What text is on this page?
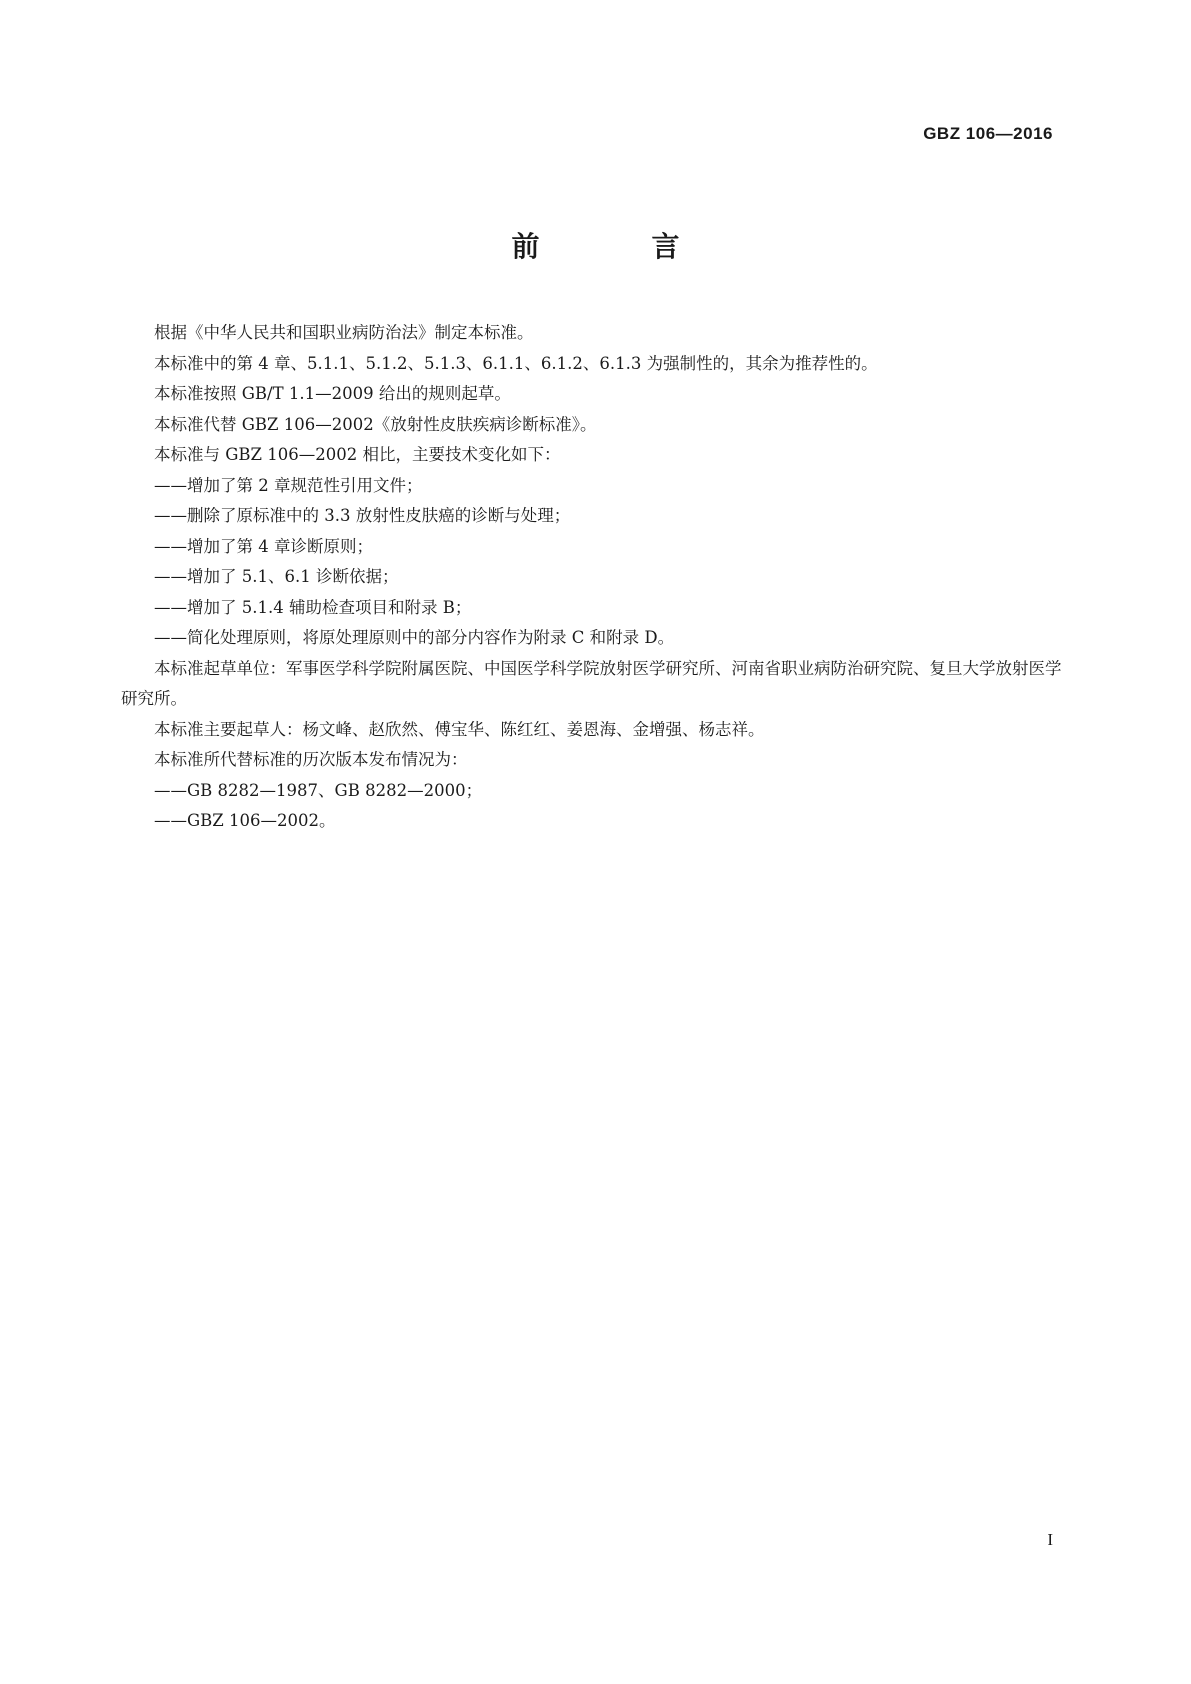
GBZ 106—2016
前　言

根据《中华人民共和国职业病防治法》制定本标准。

本标准中的第 4 章、5.1.1、5.1.2、5.1.3、6.1.1、6.1.2、6.1.3 为强制性的，其余为推荐性的。

本标准按照 GB/T 1.1—2009 给出的规则起草。

本标准代替 GBZ 106—2002《放射性皮肤疾病诊断标准》。

本标准与 GBZ 106—2002 相比，主要技术变化如下：

——增加了第 2 章规范性引用文件；

——删除了原标准中的 3.3 放射性皮肤癌的诊断与处理；

——增加了第 4 章诊断原则；

——增加了 5.1、6.1 诊断依据；

——增加了 5.1.4 辅助检查项目和附录 B；

——简化处理原则，将原处理原则中的部分内容作为附录 C 和附录 D。

本标准起草单位：军事医学科学院附属医院、中国医学科学院放射医学研究所、河南省职业病防治研究院、复旦大学放射医学研究所。

本标准主要起草人：杨文峰、赵欣然、傅宝华、陈红红、姜恩海、金增强、杨志祥。

本标准所代替标准的历次版本发布情况为：

——GB 8282—1987、GB 8282—2000；

——GBZ 106—2002。

I
